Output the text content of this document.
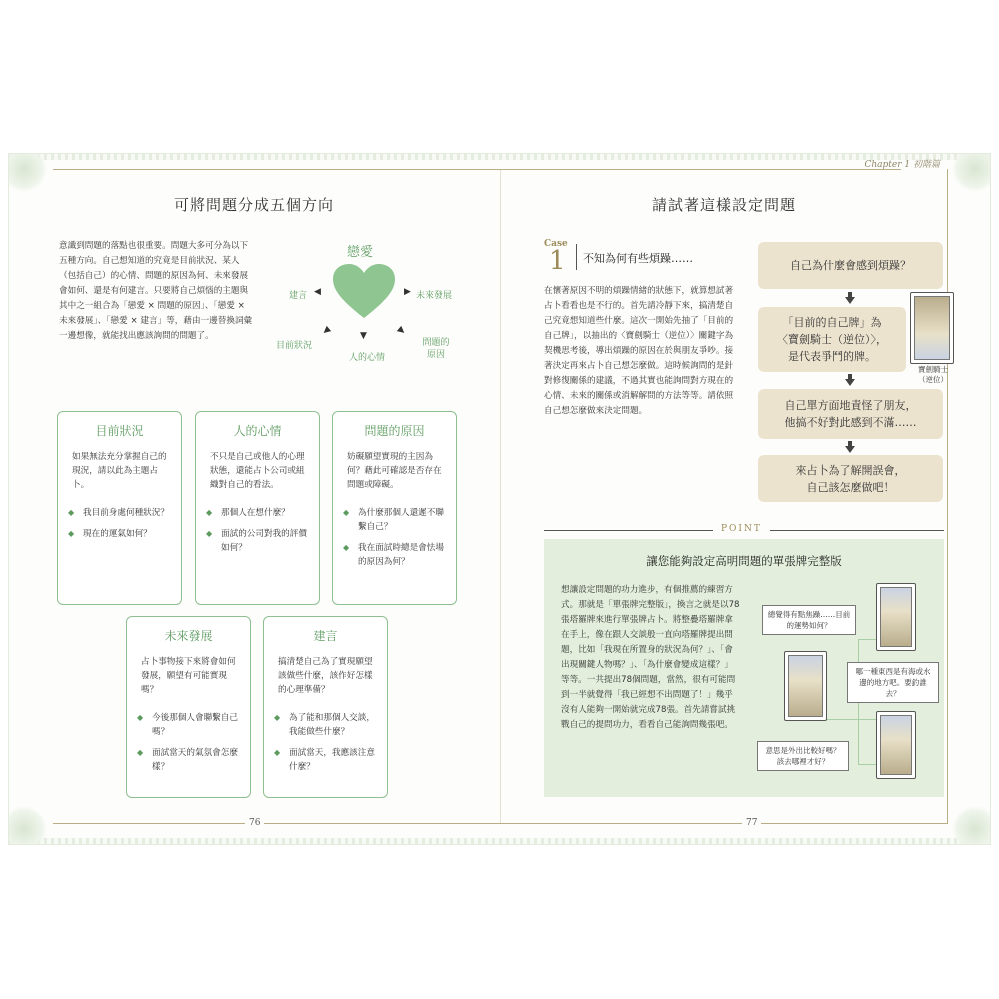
Chapter 1 初階篇
可將問題分成五個方向
意識到問題的落點也很重要。問題大多可分為以下五種方向。自己想知道的究竟是目前狀況、某人（包括自己）的心情、問題的原因為何、未來發展會如何、還是有何建言。只要將自己煩惱的主題與其中之一組合為「戀愛 × 問題的原因」、「戀愛 × 未來發展」、「戀愛 × 建言」等，藉由一邊替換詞彙一邊想像，就能找出應該詢問的問題了。
戀愛
建言 ◀	▶ 未來發展
目前狀況
◀	▼
人的心情
▶
問題的原因
目前狀況
如果無法充分掌握自己的現況，請以此為主題占卜。
◆ 我目前身處何種狀況？
◆ 現在的運氣如何？
人的心情
不只是自己或他人的心理狀態，還能占卜公司或組織對自己的看法。
◆ 那個人在想什麼？
◆ 面試的公司對我的評價如何？
問題的原因
妨礙願望實現的主因為何？藉此可確認是否存在問題或障礙。
◆ 為什麼那個人還遲不聯繫自己？
◆ 我在面試時總是會怯場的原因為何？
未來發展
占卜事物接下來將會如何發展，願望有可能實現嗎？
◆ 今後那個人會聯繫自己嗎？
◆ 面試當天的氣氛會怎麼樣？
建言
搞清楚自己為了實現願望該做些什麼，該作好怎樣的心理準備？
◆ 為了能和那個人交談，我能做些什麼？
◆ 面試當天，我應該注意什麼？
76
請試著這樣設定問題
Case
1	不知為何有些煩躁……
在懷著原因不明的煩躁情緒的狀態下，就算想試著占卜看看也是不行的。首先請冷靜下來，搞清楚自己究竟想知道些什麼。這次一開始先抽了「目前的自己牌」，以抽出的〈寶劍騎士（逆位）〉關鍵字為契機思考後，導出煩躁的原因在於與朋友爭吵。接著決定再來占卜自己想怎麼做。這時候詢問的是針對修復關係的建議，不過其實也能詢問對方現在的心情、未來的關係或消解解問的方法等等。請依照自己想怎麼做來決定問題。
自己為什麼會感到煩躁？
「目前的自己牌」為
〈寶劍騎士（逆位）〉，
是代表爭鬥的牌。
寶劍騎士
（逆位）
自己單方面地責怪了朋友，
他搞不好對此感到不滿……
來占卜為了解開誤會，
自己該怎麼做吧！
POINT
讓您能夠設定高明問題的單張牌完整版
想讓設定問題的功力進步，有個推薦的練習方式。那就是「單張牌完整版」，換言之就是以78張塔羅牌來進行單張牌占卜。將整疊塔羅牌拿在手上，像在跟人交談般一直向塔羅牌提出問題，比如「我現在所置身的狀況為何？」、「會出現關鍵人物嗎？」、「為什麼會變成這樣？」等等。一共提出78個問題，當然，很有可能問到一半就覺得「我已經想不出問題了！」幾乎沒有人能夠一開始就完成78張。首先請嘗試挑戰自己的提問功力，看看自己能詢問幾張吧。
總覺得有點焦躁……目前的運勢如何？
哪一種東西是有海或水邊的地方吧。要釣誰去？
意思是外出比較好嗎？該去哪裡才好？
77
